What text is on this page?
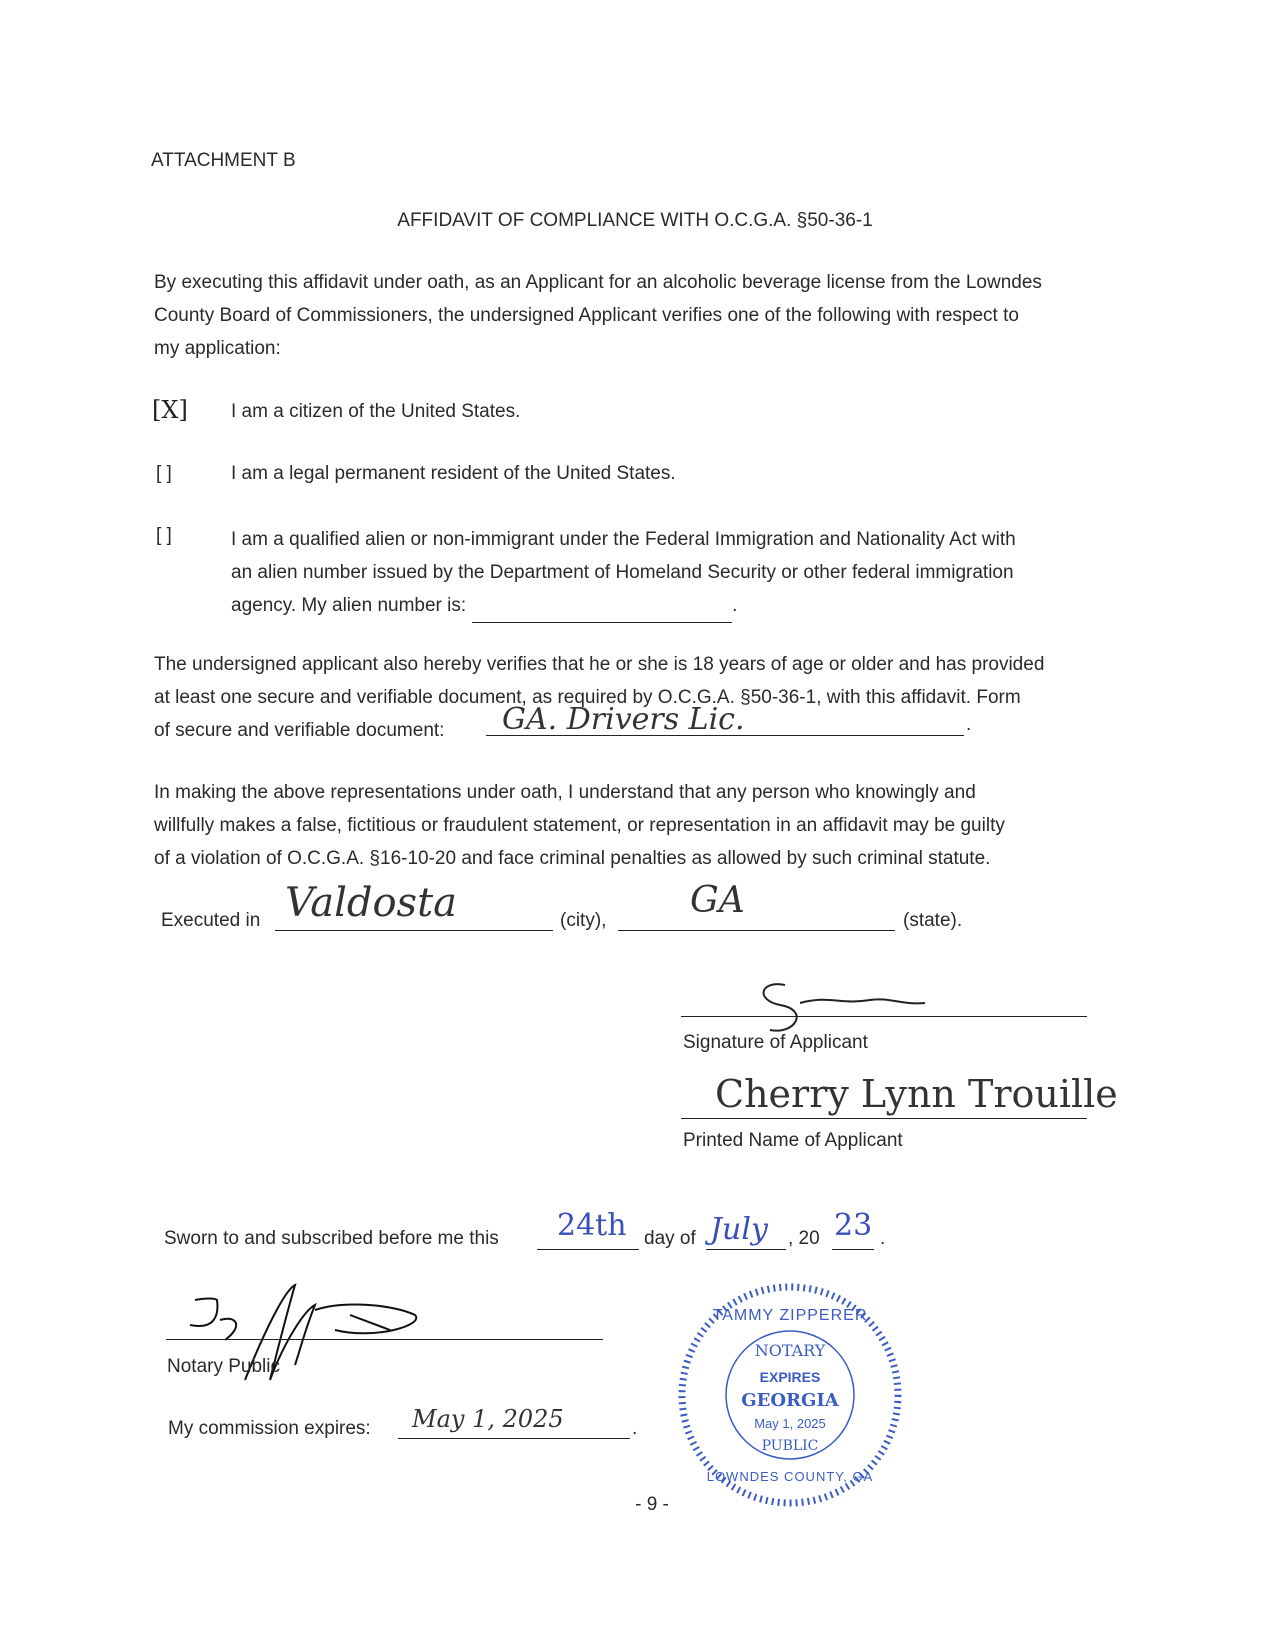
ATTACHMENT B
AFFIDAVIT OF COMPLIANCE WITH O.C.G.A. §50-36-1
By executing this affidavit under oath, as an Applicant for an alcoholic beverage license from the Lowndes
County Board of Commissioners, the undersigned Applicant verifies one of the following with respect to
my application:
[X] I am a citizen of the United States.
[ ]	I am a legal permanent resident of the United States.
[ ]	I am a qualified alien or non-immigrant under the Federal Immigration and Nationality Act with
an alien number issued by the Department of Homeland Security or other federal immigration
agency. My alien number is:	.
The undersigned applicant also hereby verifies that he or she is 18 years of age or older and has provided
at least one secure and verifiable document, as required by O.C.G.A. §50-36-1, with this affidavit. Form
of secure and verifiable document:	.
GA. Drivers Lic.
In making the above representations under oath, I understand that any person who knowingly and
willfully makes a false, fictitious or fraudulent statement, or representation in an affidavit may be guilty
of a violation of O.C.G.A. §16-10-20 and face criminal penalties as allowed by such criminal statute.
Executed in Valdosta	(city), GA	(state).
Signature of Applicant
Cherry Lynn Trouille
Printed Name of Applicant
Sworn to and subscribed before me this 24th day of July , 20 23 .
Notary Public
My commission expires: May 1, 2025	.
TAMMY ZIPPERER
NOTARY
EXPIRES
GEORGIA
May 1, 2025
PUBLIC
LOWNDES COUNTY, GA
- 9 -
